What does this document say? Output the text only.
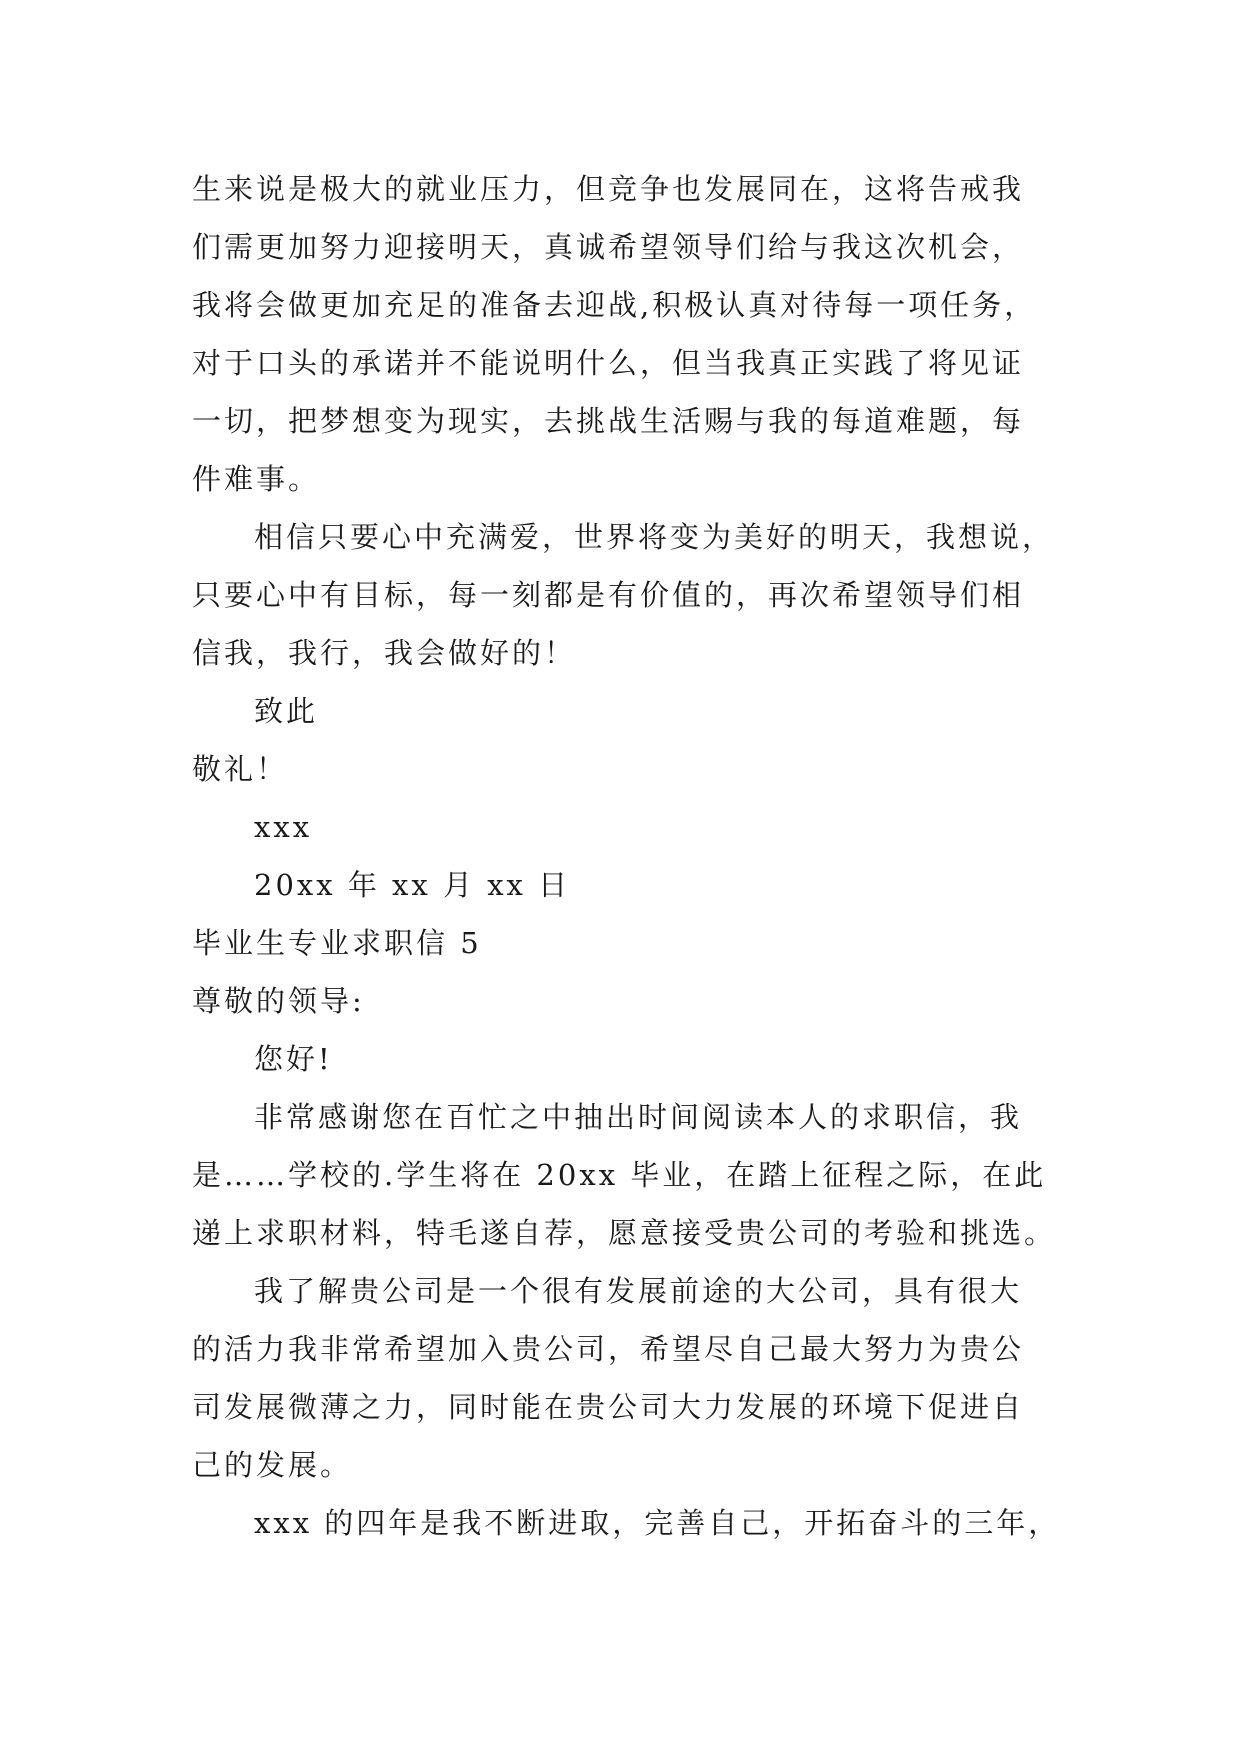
生来说是极大的就业压力，但竞争也发展同在，这将告戒我
们需更加努力迎接明天，真诚希望领导们给与我这次机会，
我将会做更加充足的准备去迎战,积极认真对待每一项任务，
对于口头的承诺并不能说明什么，但当我真正实践了将见证
一切，把梦想变为现实，去挑战生活赐与我的每道难题，每
件难事。
相信只要心中充满爱，世界将变为美好的明天，我想说，
只要心中有目标，每一刻都是有价值的，再次希望领导们相
信我，我行，我会做好的！
致此
敬礼！
xxx
20xx 年 xx 月 xx 日
毕业生专业求职信 5
尊敬的领导:
您好!
非常感谢您在百忙之中抽出时间阅读本人的求职信，我
是……学校的.学生将在 20xx 毕业，在踏上征程之际，在此
递上求职材料，特毛遂自荐，愿意接受贵公司的考验和挑选。
我了解贵公司是一个很有发展前途的大公司，具有很大
的活力我非常希望加入贵公司，希望尽自己最大努力为贵公
司发展微薄之力，同时能在贵公司大力发展的环境下促进自
己的发展。
xxx 的四年是我不断进取，完善自己，开拓奋斗的三年，
